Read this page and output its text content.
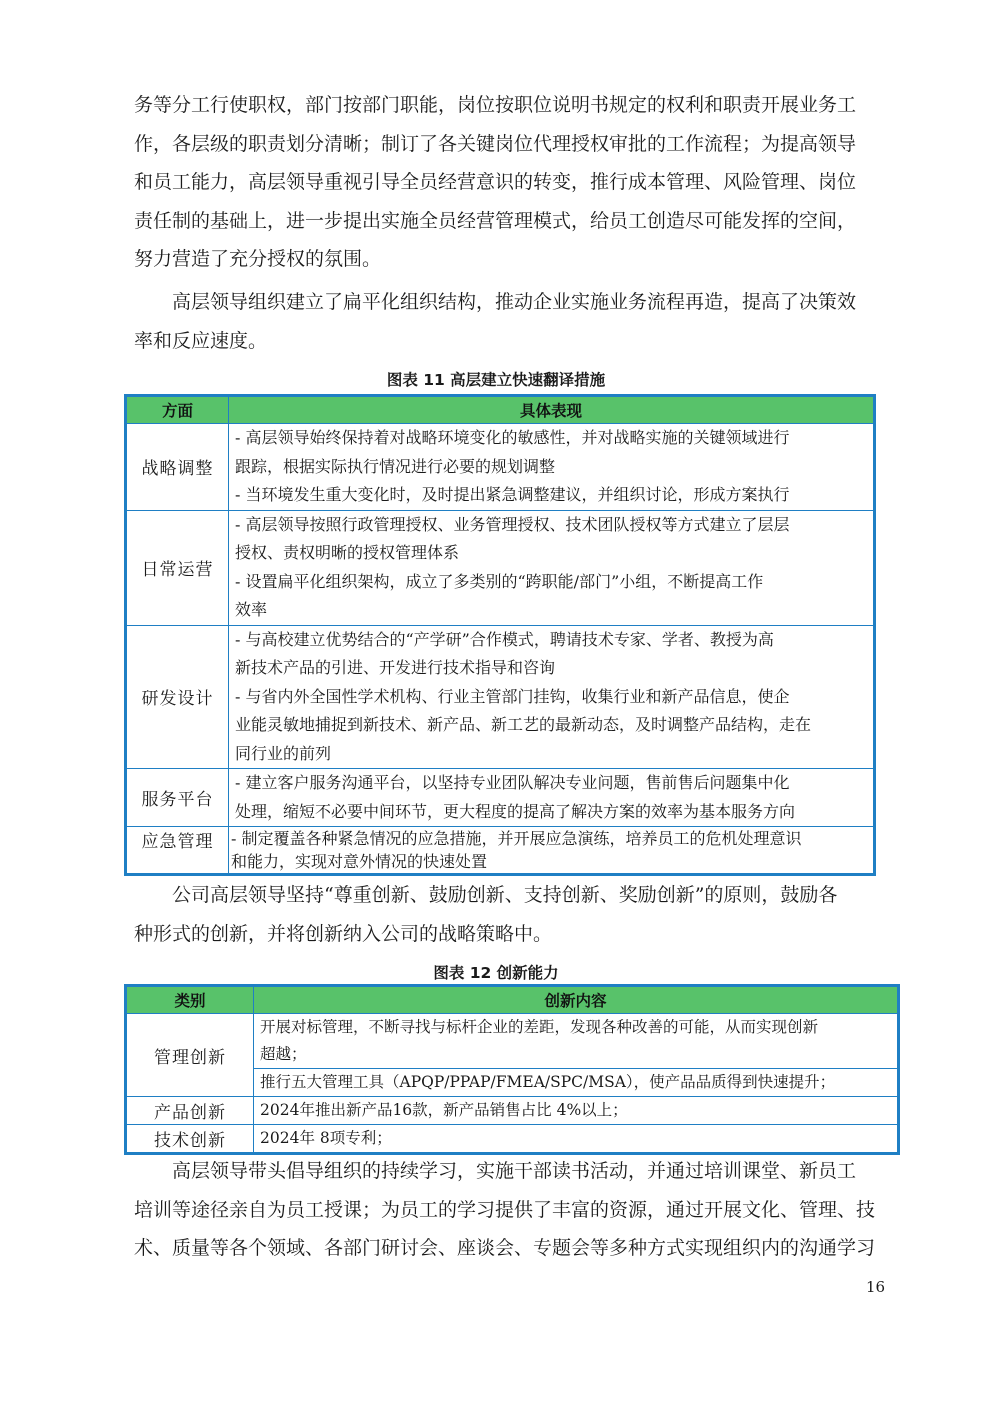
务等分工行使职权，部门按部门职能，岗位按职位说明书规定的权利和职责开展业务工
作，各层级的职责划分清晰；制订了各关键岗位代理授权审批的工作流程；为提高领导
和员工能力，高层领导重视引导全员经营意识的转变，推行成本管理、风险管理、岗位
责任制的基础上，进一步提出实施全员经营管理模式，给员工创造尽可能发挥的空间，
努力营造了充分授权的氛围。
高层领导组织建立了扁平化组织结构，推动企业实施业务流程再造，提高了决策效
率和反应速度。
图表 11 高层建立快速翻译措施
方面	具体表现
战略调整	- 高层领导始终保持着对战略环境变化的敏感性，并对战略实施的关键领域进行
跟踪，根据实际执行情况进行必要的规划调整
- 当环境发生重大变化时，及时提出紧急调整建议，并组织讨论，形成方案执行

日常运营	- 高层领导按照行政管理授权、业务管理授权、技术团队授权等方式建立了层层
授权、责权明晰的授权管理体系
- 设置扁平化组织架构，成立了多类别的“跨职能/部门”小组，不断提高工作
效率

研发设计	- 与高校建立优势结合的“产学研”合作模式，聘请技术专家、学者、教授为高
新技术产品的引进、开发进行技术指导和咨询
- 与省内外全国性学术机构、行业主管部门挂钩，收集行业和新产品信息，使企
业能灵敏地捕捉到新技术、新产品、新工艺的最新动态，及时调整产品结构，走在
同行业的前列

服务平台	- 建立客户服务沟通平台，以坚持专业团队解决专业问题，售前售后问题集中化
处理，缩短不必要中间环节，更大程度的提高了解决方案的效率为基本服务方向

应急管理	- 制定覆盖各种紧急情况的应急措施，并开展应急演练，培养员工的危机处理意识
和能力，实现对意外情况的快速处置
公司高层领导坚持“尊重创新、鼓励创新、支持创新、奖励创新”的原则，鼓励各
种形式的创新，并将创新纳入公司的战略策略中。
图表 12 创新能力
类别	创新内容
管理创新	开展对标管理，不断寻找与标杆企业的差距，发现各种改善的可能，从而实现创新
超越；

	推行五大管理工具（APQP/PPAP/FMEA/SPC/MSA），使产品品质得到快速提升；

产品创新	2024年推出新产品16款，新产品销售占比 4%以上；

技术创新	2024年 8项专利；
高层领导带头倡导组织的持续学习，实施干部读书活动，并通过培训课堂、新员工
培训等途径亲自为员工授课；为员工的学习提供了丰富的资源，通过开展文化、管理、技
术、质量等各个领域、各部门研讨会、座谈会、专题会等多种方式实现组织内的沟通学习
16
